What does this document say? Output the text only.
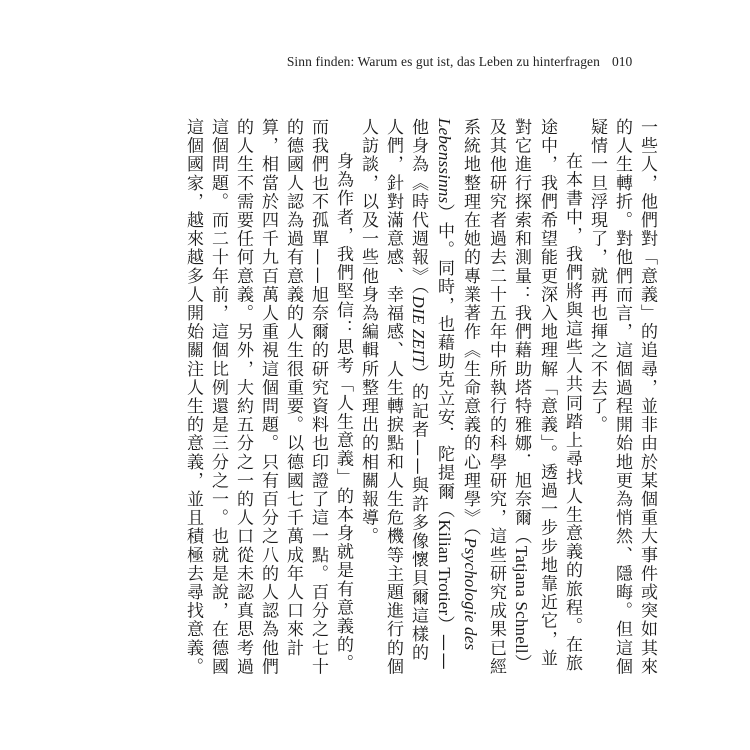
Sinn finden: Warum es gut ist, das Leben zu hinterfragen 010

一些人，他們對「意義」的追尋，並非由於某個重大事件或突如其來的人生轉折。對他們而言，這個過程開始地更為悄然、隱晦。但這個疑情一旦浮現了，就再也揮之不去了。

在本書中，我們將與這些人共同踏上尋找人生意義的旅程。在旅途中，我們希望能更深入地理解「意義」。透過一步步地靠近它，並對它進行探索和測量：我們藉助塔特雅娜．旭奈爾（Tatjana Schnell）及其他研究者過去二十五年中所執行的科學研究，這些研究成果已經系統地整理在她的專業著作《生命意義的心理學》（Psychologie des Lebenssinns）中。同時，也藉助克立安．陀提爾（Kilian Trotier）——他身為《時代週報》（DIE ZEIT）的記者——與許多像懷貝爾這樣的人們，針對滿意感、幸福感、人生轉捩點和人生危機等主題進行的個人訪談，以及一些他身為編輯所整理出的相關報導。

身為作者，我們堅信：思考「人生意義」的本身就是有意義的。而我們也不孤單——旭奈爾的研究資料也印證了這一點。百分之七十的德國人認為過有意義的人生很重要。以德國七千萬成年人口來計算，相當於四千九百萬人重視這個問題。只有百分之八的人認為他們的人生不需要任何意義。另外，大約五分之一的人口從未認真思考過這個問題。而二十年前，這個比例還是三分之一。也就是說，在德國這個國家，越來越多人開始關注人生的意義，並且積極去尋找意義。
